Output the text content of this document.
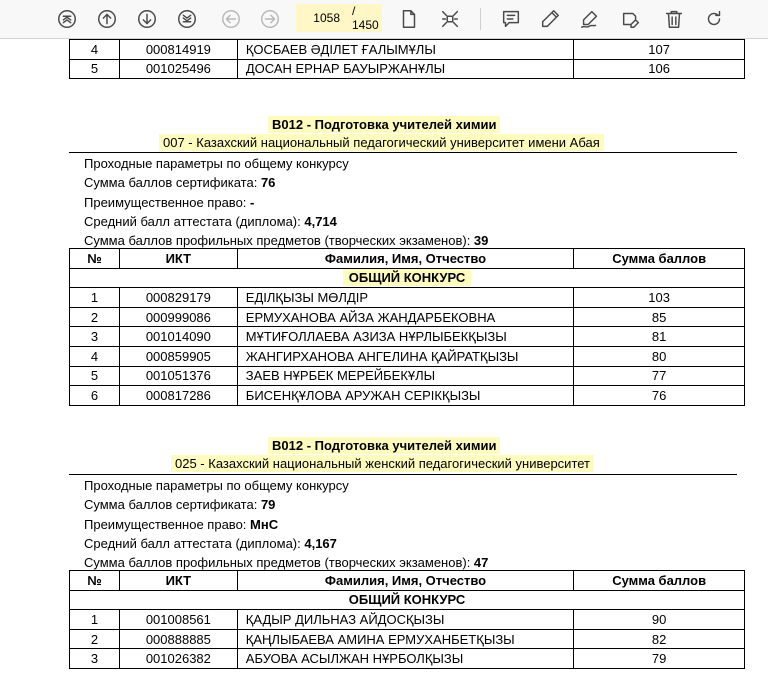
1058
/ 1450
4	000814919	ҚОСБАЕВ ӘДІЛЕТ ҒАЛЫМҰЛЫ	107
5	001025496	ДОСАН ЕРНАР БАУЫРЖАНҰЛЫ	106
B012 - Подготовка учителей химии
007 - Казахский национальный педагогический университет имени Абая
Проходные параметры по общему конкурсу
Сумма баллов сертификата: 76
Преимущественное право: -
Средний балл аттестата (диплома): 4,714
Сумма баллов профильных предметов (творческих экзаменов): 39
№	ИКТ	Фамилия, Имя, Отчество	Сумма баллов
ОБЩИЙ КОНКУРС			
1	000829179	ЕДІЛҚЫЗЫ МӨЛДІР	103
2	000999086	ЕРМУХАНОВА АЙЗА ЖАНДАРБЕКОВНА	85
3	001014090	МҰТИҒОЛЛАЕВА АЗИЗА НҰРЛЫБЕКҚЫЗЫ	81
4	000859905	ЖАНГИРХАНОВА АНГЕЛИНА ҚАЙРАТҚЫЗЫ	80
5	001051376	ЗАЕВ НҰРБЕК МЕРЕЙБЕКҰЛЫ	77
6	000817286	БИСЕНҚҰЛОВА АРУЖАН СЕРІКҚЫЗЫ	76
B012 - Подготовка учителей химии
025 - Казахский национальный женский педагогический университет
Проходные параметры по общему конкурсу
Сумма баллов сертификата: 79
Преимущественное право: МнС
Средний балл аттестата (диплома): 4,167
Сумма баллов профильных предметов (творческих экзаменов): 47
№	ИКТ	Фамилия, Имя, Отчество	Сумма баллов
ОБЩИЙ КОНКУРС			
1	001008561	ҚАДЫР ДИЛЬНАЗ АЙДОСҚЫЗЫ	90
2	000888885	ҚАҢЛЫБАЕВА АМИНА ЕРМУХАНБЕТҚЫЗЫ	82
3	001026382	АБУОВА АСЫЛЖАН НҰРБОЛҚЫЗЫ	79
